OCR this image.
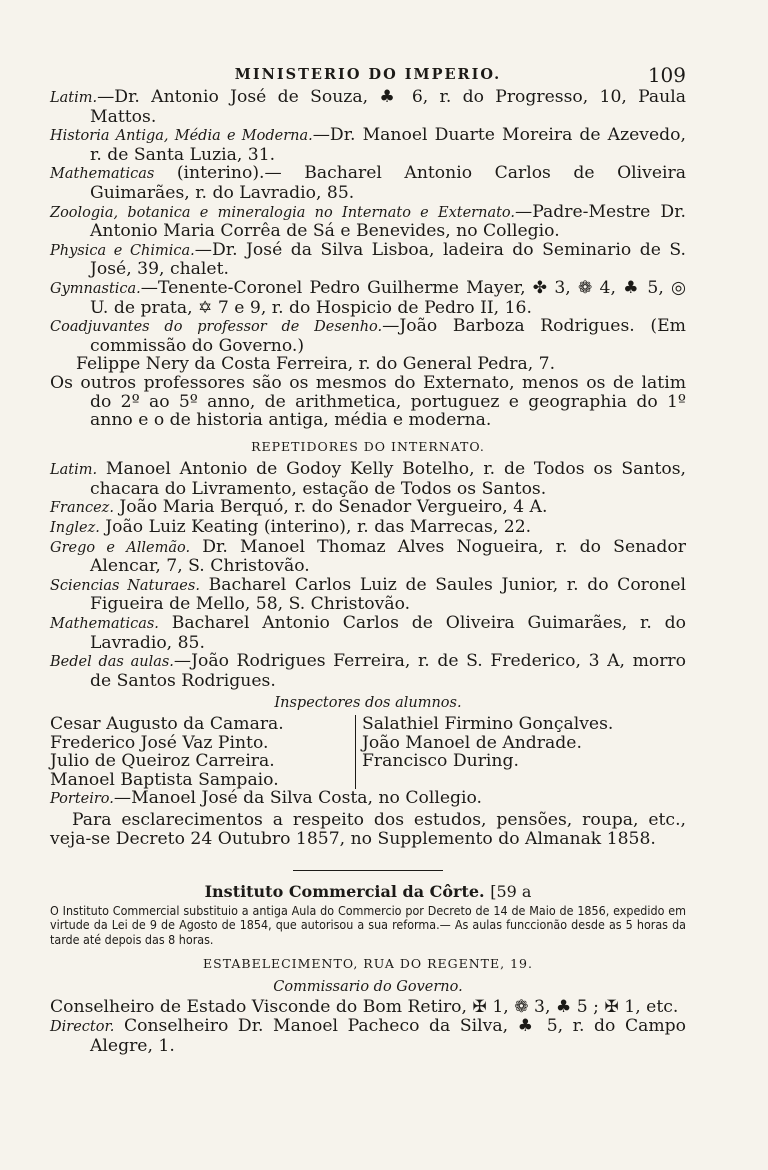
MINISTERIO DO IMPERIO.	109
Latim.—Dr. Antonio José de Souza, ♣ 6, r. do Progresso, 10, Paula Mattos.
Historia Antiga, Média e Moderna.—Dr. Manoel Duarte Moreira de Azevedo, r. de Santa Luzia, 31.
Mathematicas (interino).— Bacharel Antonio Carlos de Oliveira Guimarães, r. do Lavradio, 85.
Zoologia, botanica e mineralogia no Internato e Externato.—Padre-Mestre Dr. Antonio Maria Corrêa de Sá e Benevides, no Collegio.
Physica e Chimica.—Dr. José da Silva Lisboa, ladeira do Seminario de S. José, 39, chalet.
Gymnastica.—Tenente-Coronel Pedro Guilherme Mayer, ✤ 3, ❁ 4, ♣ 5, ◎ U. de prata, ✡ 7 e 9, r. do Hospicio de Pedro II, 16.
Coadjuvantes do professor de Desenho.—João Barboza Rodrigues. (Em commissão do Governo.)
Felippe Nery da Costa Ferreira, r. do General Pedra, 7.
Os outros professores são os mesmos do Externato, menos os de latim do 2º ao 5º anno, de arithmetica, portuguez e geographia do 1º anno e o de historia antiga, média e moderna.
REPETIDORES DO INTERNATO.
Latim. Manoel Antonio de Godoy Kelly Botelho, r. de Todos os Santos, chacara do Livramento, estação de Todos os Santos.
Francez. João Maria Berquó, r. do Senador Vergueiro, 4 A.
Inglez. João Luiz Keating (interino), r. das Marrecas, 22.
Grego e Allemão. Dr. Manoel Thomaz Alves Nogueira, r. do Senador Alencar, 7, S. Christovão.
Sciencias Naturaes. Bacharel Carlos Luiz de Saules Junior, r. do Coronel Figueira de Mello, 58, S. Christovão.
Mathematicas. Bacharel Antonio Carlos de Oliveira Guimarães, r. do Lavradio, 85.
Bedel das aulas.—João Rodrigues Ferreira, r. de S. Frederico, 3 A, morro de Santos Rodrigues.
Inspectores dos alumnos.
Cesar Augusto da Camara.
Frederico José Vaz Pinto.
Julio de Queiroz Carreira.
Manoel Baptista Sampaio.
Salathiel Firmino Gonçalves.
João Manoel de Andrade.
Francisco During.
Porteiro.—Manoel José da Silva Costa, no Collegio.
Para esclarecimentos a respeito dos estudos, pensões, roupa, etc., veja-se Decreto 24 Outubro 1857, no Supplemento do Almanak 1858.
Instituto Commercial da Côrte. [59 a
O Instituto Commercial substituio a antiga Aula do Commercio por Decreto de 14 de Maio de 1856, expedido em virtude da Lei de 9 de Agosto de 1854, que autorisou a sua reforma.— As aulas funccionão desde as 5 horas da tarde até depois das 8 horas.
ESTABELECIMENTO, RUA DO REGENTE, 19.
Commissario do Governo.
Conselheiro de Estado Visconde do Bom Retiro, ✠ 1, ❁ 3, ♣ 5 ; ✠ 1, etc.
Director. Conselheiro Dr. Manoel Pacheco da Silva, ♣ 5, r. do Campo Alegre, 1.
